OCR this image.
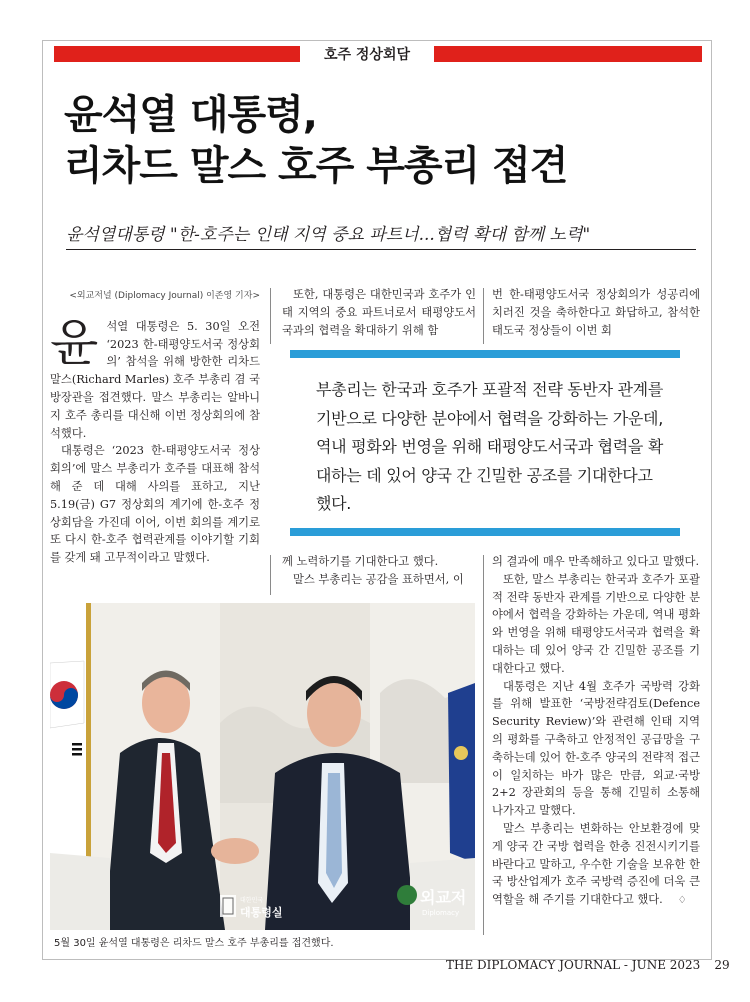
호주 정상회담
윤석열 대통령,
리차드 말스 호주 부총리 접견
윤석열대통령 "한-호주는 인태 지역 중요 파트너...협력 확대 함께 노력"

<외교저널 (Diplomacy Journal) 이존영 기자>

윤석열 대통령은 5. 30일 오전 ‘2023 한-태평양도서국 정상회의’ 참석을 위해 방한한 리차드 말스(Richard Marles) 호주 부총리 겸 국방장관을 접견했다. 말스 부총리는 알바니지 호주 총리를 대신해 이번 정상회의에 참석했다.

대통령은 ‘2023 한-태평양도서국 정상회의’에 말스 부총리가 호주를 대표해 참석해 준 데 대해 사의를 표하고, 지난 5.19(금) G7 정상회의 계기에 한-호주 정상회담을 가진데 이어, 이번 회의를 계기로 또 다시 한-호주 협력관계를 이야기할 기회를 갖게 돼 고무적이라고 말했다.

또한, 대통령은 대한민국과 호주가 인태 지역의 중요 파트너로서 태평양도서국과의 협력을 확대하기 위해 함

번 한-태평양도서국 정상회의가 성공리에 치러진 것을 축하한다고 화답하고, 참석한 태도국 정상들이 이번 회

부총리는 한국과 호주가 포괄적 전략 동반자 관계를 기반으로 다양한 분야에서 협력을 강화하는 가운데, 역내 평화와 번영을 위해 태평양도서국과 협력을 확대하는 데 있어 양국 간 긴밀한 공조를 기대한다고 했다.

께 노력하기를 기대한다고 했다.

말스 부총리는 공감을 표하면서, 이

의 결과에 매우 만족해하고 있다고 말했다.

또한, 말스 부총리는 한국과 호주가 포괄적 전략 동반자 관계를 기반으로 다양한 분야에서 협력을 강화하는 가운데, 역내 평화와 번영을 위해 태평양도서국과 협력을 확대하는 데 있어 양국 간 긴밀한 공조를 기대한다고 했다.

대통령은 지난 4월 호주가 국방력 강화를 위해 발표한 ‘국방전략검토(Defence Security Review)’와 관련해 인태 지역의 평화를 구축하고 안정적인 공급망을 구축하는데 있어 한-호주 양국의 전략적 접근이 일치하는 바가 많은 만큼, 외교·국방 2+2 장관회의 등을 통해 긴밀히 소통해 나가자고 말했다.

말스 부총리는 변화하는 안보환경에 맞게 양국 간 국방 협력을 한층 진전시키기를 바란다고 말하고, 우수한 기술을 보유한 한국 방산업계가 호주 국방력 증진에 더욱 큰 역할을 해 주기를 기대한다고 했다. ♢

대한민국
대통령실
외교저
Diplomacy
5월 30일 윤석열 대통령은 리차드 말스 호주 부총리를 접견했다.
THE DIPLOMACY JOURNAL - JUNE 2023 29
